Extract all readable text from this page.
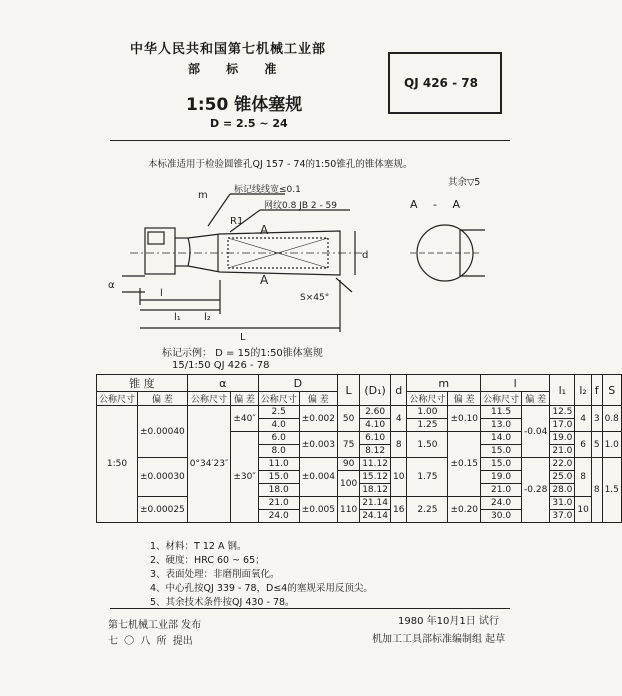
中华人民共和国第七机械工业部
部 标 准
1:50 锥体塞规
D = 2.5 ~ 24
QJ 426 - 78
本标准适用于检验圆锥孔QJ 157 - 74的1:50锥孔的锥体塞规。
其余▽5
A - A
m	标记线线宽≤0.1
R1
网纹0.8 JB 2 - 59
A
A
α
d
l
l₁ l₂
L
S×45°
标记示例： D = 15的1:50锥体塞规
15/1:50 QJ 426 - 78
锥 度		α		D		L	(D₁)	d	m		l		l₁	l₂	f	S
公称尺寸	偏 差	公称尺寸	偏 差	公称尺寸	偏 差				公称尺寸	偏 差	公称尺寸	偏 差				
1:50	±0.00040	0°34′23″	±40″	2.5	±0.002	50	2.60	4	1.00	±0.10	11.5	-0.04	12.5	4	3	0.8
				4.0			4.10		1.25		13.0		17.0			
			±30″	6.0	±0.003	75	6.10	8	1.50	±0.15	14.0		19.0	6	5	1.0
				8.0			8.12				15.0		21.0			
	±0.00030			11.0	±0.004	90	11.12	10	1.75		15.0	-0.28	22.0	8	8	1.5
				15.0		100	15.12				19.0		25.0			
				18.0			18.12				21.0		28.0			
	±0.00025			21.0	±0.005	110	21.14	16	2.25	±0.20	24.0		31.0	10		
				24.0			24.14				30.0		37.0			
1、材料：T 12 A 钢。
2、硬度：HRC 60 ~ 65；
3、表面处理：非磨削面氧化。
4、中心孔按QJ 339 - 78，D≤4的塞规采用反顶尖。
5、其余技术条件按QJ 430 - 78。
第七机械工业部 发布
七 〇 八 所 提出
1980 年10月1日 试行
机加工工具部标准编制组 起草
